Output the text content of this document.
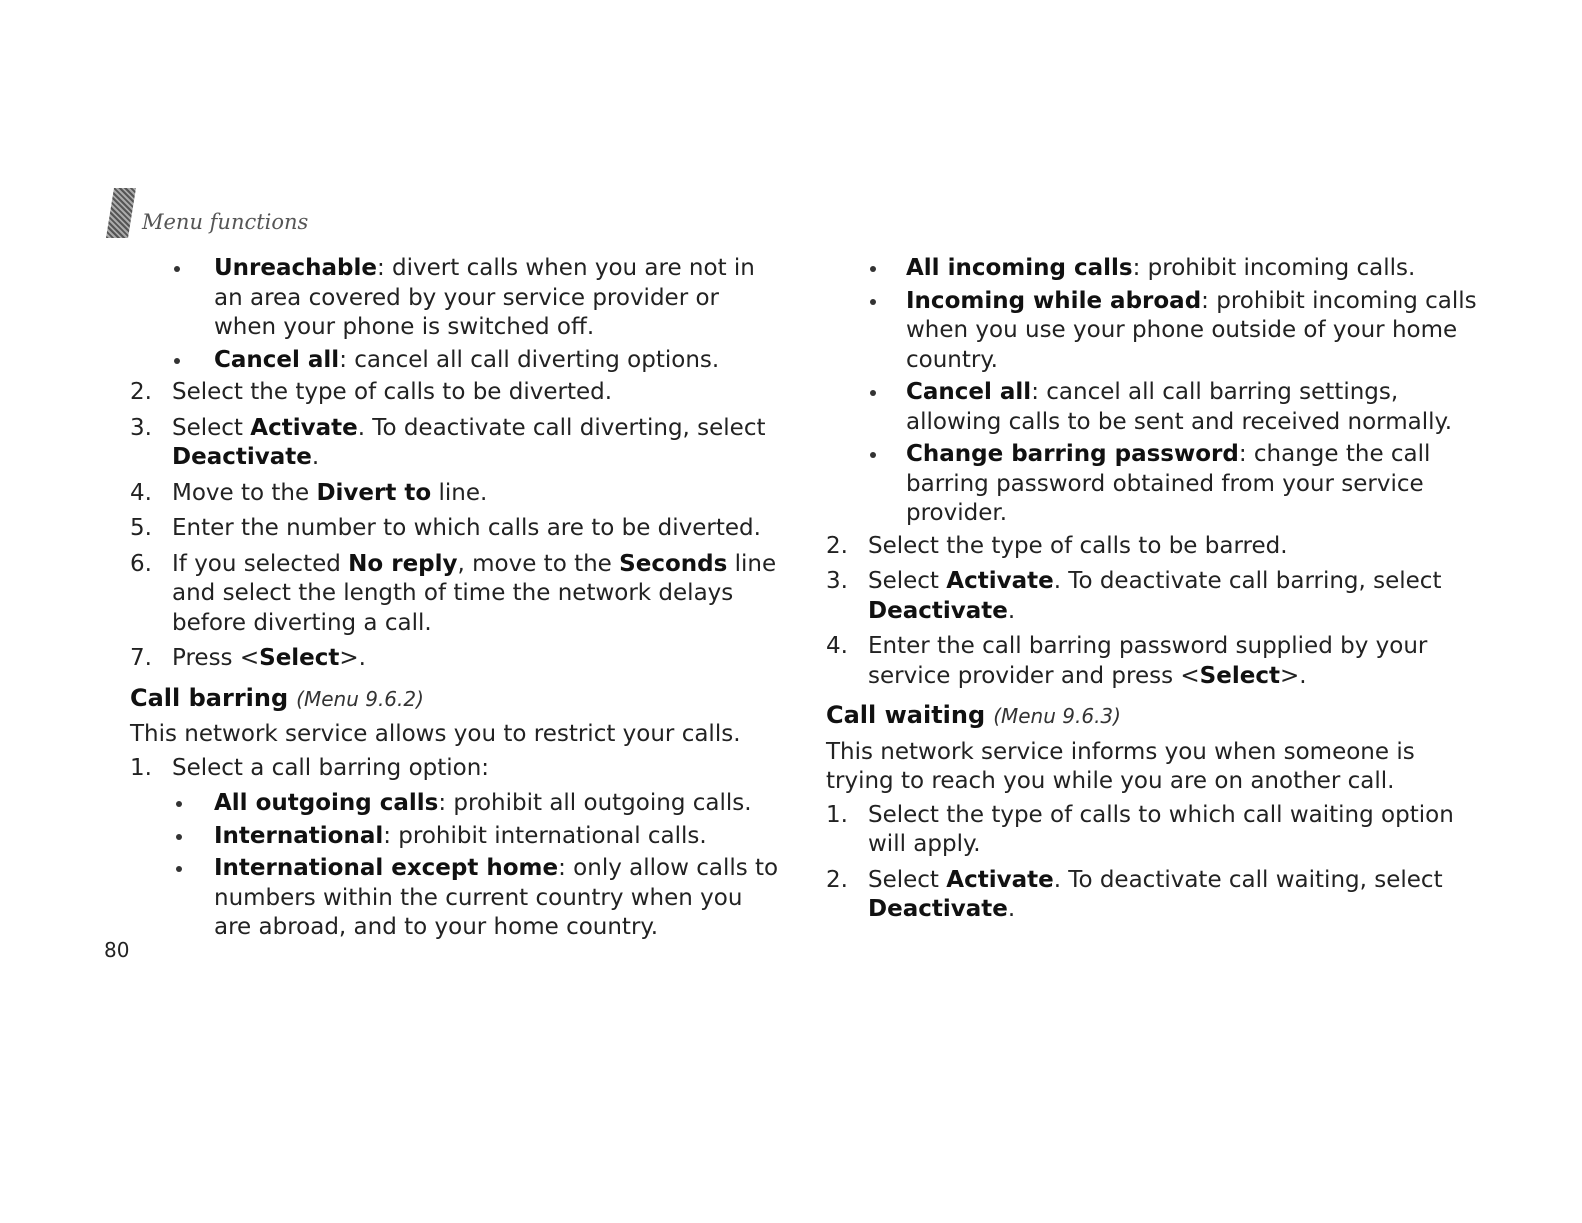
Menu functions
Unreachable: divert calls when you are not in an area covered by your service provider or when your phone is switched off.
Cancel all: cancel all call diverting options.
2. Select the type of calls to be diverted.
3. Select Activate. To deactivate call diverting, select Deactivate.
4. Move to the Divert to line.
5. Enter the number to which calls are to be diverted.
6. If you selected No reply, move to the Seconds line and select the length of time the network delays before diverting a call.
7. Press <Select>.
Call barring (Menu 9.6.2)

This network service allows you to restrict your calls.

1. Select a call barring option:
All outgoing calls: prohibit all outgoing calls.
International: prohibit international calls.
International except home: only allow calls to numbers within the current country when you are abroad, and to your home country.
All incoming calls: prohibit incoming calls.
Incoming while abroad: prohibit incoming calls when you use your phone outside of your home country.
Cancel all: cancel all call barring settings, allowing calls to be sent and received normally.
Change barring password: change the call barring password obtained from your service provider.
2. Select the type of calls to be barred.
3. Select Activate. To deactivate call barring, select Deactivate.
4. Enter the call barring password supplied by your service provider and press <Select>.
Call waiting (Menu 9.6.3)

This network service informs you when someone is trying to reach you while you are on another call.

1. Select the type of calls to which call waiting option will apply.
2. Select Activate. To deactivate call waiting, select Deactivate.
80
